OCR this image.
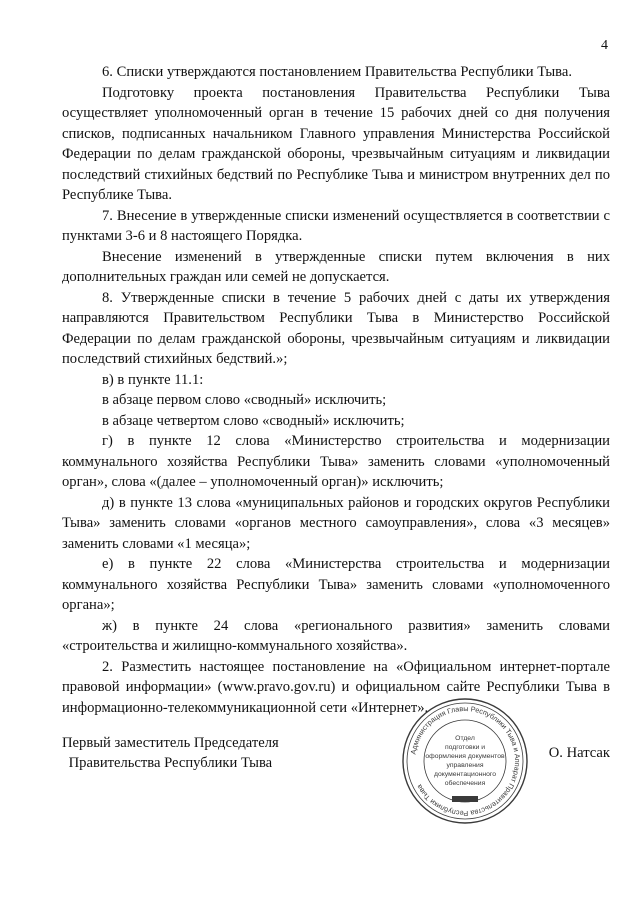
4

6. Списки утверждаются постановлением Правительства Республики Тыва.

Подготовку проекта постановления Правительства Республики Тыва осуществляет уполномоченный орган в течение 15 рабочих дней со дня получения списков, подписанных начальником Главного управления Министерства Российской Федерации по делам гражданской обороны, чрезвычайным ситуациям и ликвидации последствий стихийных бедствий по Республике Тыва и министром внутренних дел по Республике Тыва.

7. Внесение в утвержденные списки изменений осуществляется в соответствии с пунктами 3-6 и 8 настоящего Порядка.

Внесение изменений в утвержденные списки путем включения в них дополнительных граждан или семей не допускается.

8. Утвержденные списки в течение 5 рабочих дней с даты их утверждения направляются Правительством Республики Тыва в Министерство Российской Федерации по делам гражданской обороны, чрезвычайным ситуациям и ликвидации последствий стихийных бедствий.»;

в) в пункте 11.1:

в абзаце первом слово «сводный» исключить;

в абзаце четвертом слово «сводный» исключить;

г) в пункте 12 слова «Министерство строительства и модернизации коммунального хозяйства Республики Тыва» заменить словами «уполномоченный орган», слова «(далее – уполномоченный орган)» исключить;

д) в пункте 13 слова «муниципальных районов и городских округов Республики Тыва» заменить словами «органов местного самоуправления», слова «3 месяцев» заменить словами «1 месяца»;

е) в пункте 22 слова «Министерства строительства и модернизации коммунального хозяйства Республики Тыва» заменить словами «уполномоченного органа»;

ж) в пункте 24 слова «регионального развития» заменить словами «строительства и жилищно-коммунального хозяйства».

2. Разместить настоящее постановление на «Официальном интернет-портале правовой информации» (www.pravo.gov.ru) и официальном сайте Республики Тыва в информационно-телекоммуникационной сети «Интернет».

Первый заместитель Председателя
Правительства Республики Тыва
О. Натсак
Администрация Главы Республики Тыва и Аппарат Правительства Республики Тыва
Отдел
подготовки и
оформления документов
управления
документационного
обеспечения
